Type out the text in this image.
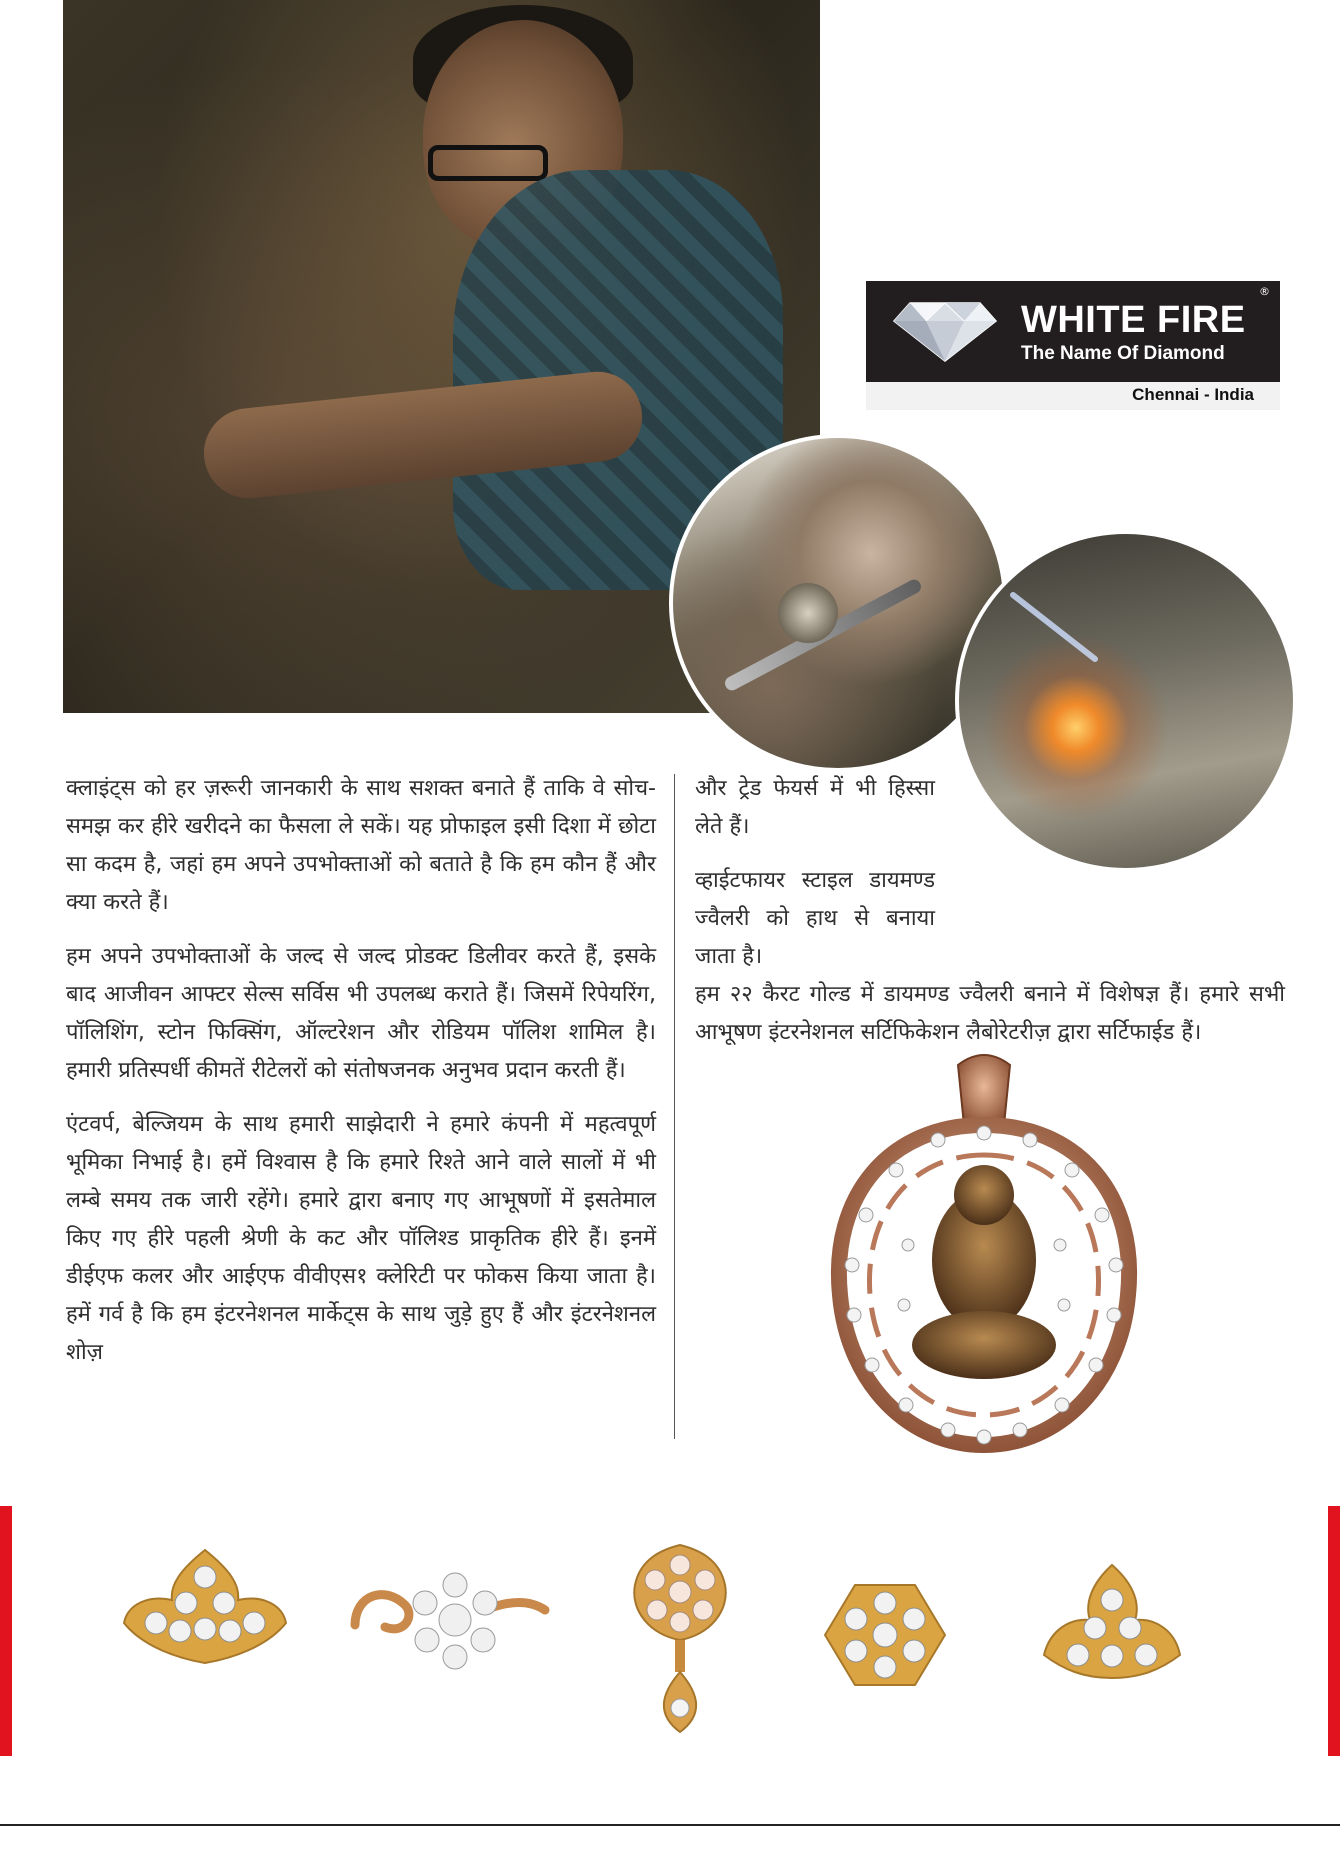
WHITE FIRE
®
The Name Of Diamond
Chennai - India

क्लाइंट्स को हर ज़रूरी जानकारी के साथ सशक्त बनाते हैं ताकि वे सोच- समझ कर हीरे खरीदने का फैसला ले सकें। यह प्रोफाइल इसी दिशा में छोटा सा कदम है, जहां हम अपने उपभोक्ताओं को बताते है कि हम कौन हैं और क्या करते हैं।

हम अपने उपभोक्ताओं के जल्द से जल्द प्रोडक्ट डिलीवर करते हैं, इसके बाद आजीवन आफ्टर सेल्स सर्विस भी उपलब्ध कराते हैं। जिसमें रिपेयरिंग, पॉलिशिंग, स्टोन फिक्सिंग, ऑल्टरेशन और रोडियम पॉलिश शामिल है। हमारी प्रतिस्पर्धी कीमतें रीटेलरों को संतोषजनक अनुभव प्रदान करती हैं।

एंटवर्प, बेल्जियम के साथ हमारी साझेदारी ने हमारे कंपनी में महत्वपूर्ण भूमिका निभाई है। हमें विश्वास है कि हमारे रिश्ते आने वाले सालों में भी लम्बे समय तक जारी रहेंगे। हमारे द्वारा बनाए गए आभूषणों में इसतेमाल किए गए हीरे पहली श्रेणी के कट और पॉलिश्ड प्राकृतिक हीरे हैं। इनमें डीईएफ कलर और आईएफ वीवीएस१ क्लेरिटी पर फोकस किया जाता है। हमें गर्व है कि हम इंटरनेशनल मार्केट्स के साथ जुड़े हुए हैं और इंटरनेशनल शोज़

और ट्रेड फेयर्स में भी हिस्सा लेते हैं।

व्हाईटफायर स्टाइल डायमण्ड ज्वैलरी को हाथ से बनाया जाता है।

हम २२ कैरट गोल्ड में डायमण्ड ज्वैलरी बनाने में विशेषज्ञ हैं। हमारे सभी आभूषण इंटरनेशनल सर्टिफिकेशन लैबोरेटरीज़ द्वारा सर्टिफाईड हैं।
